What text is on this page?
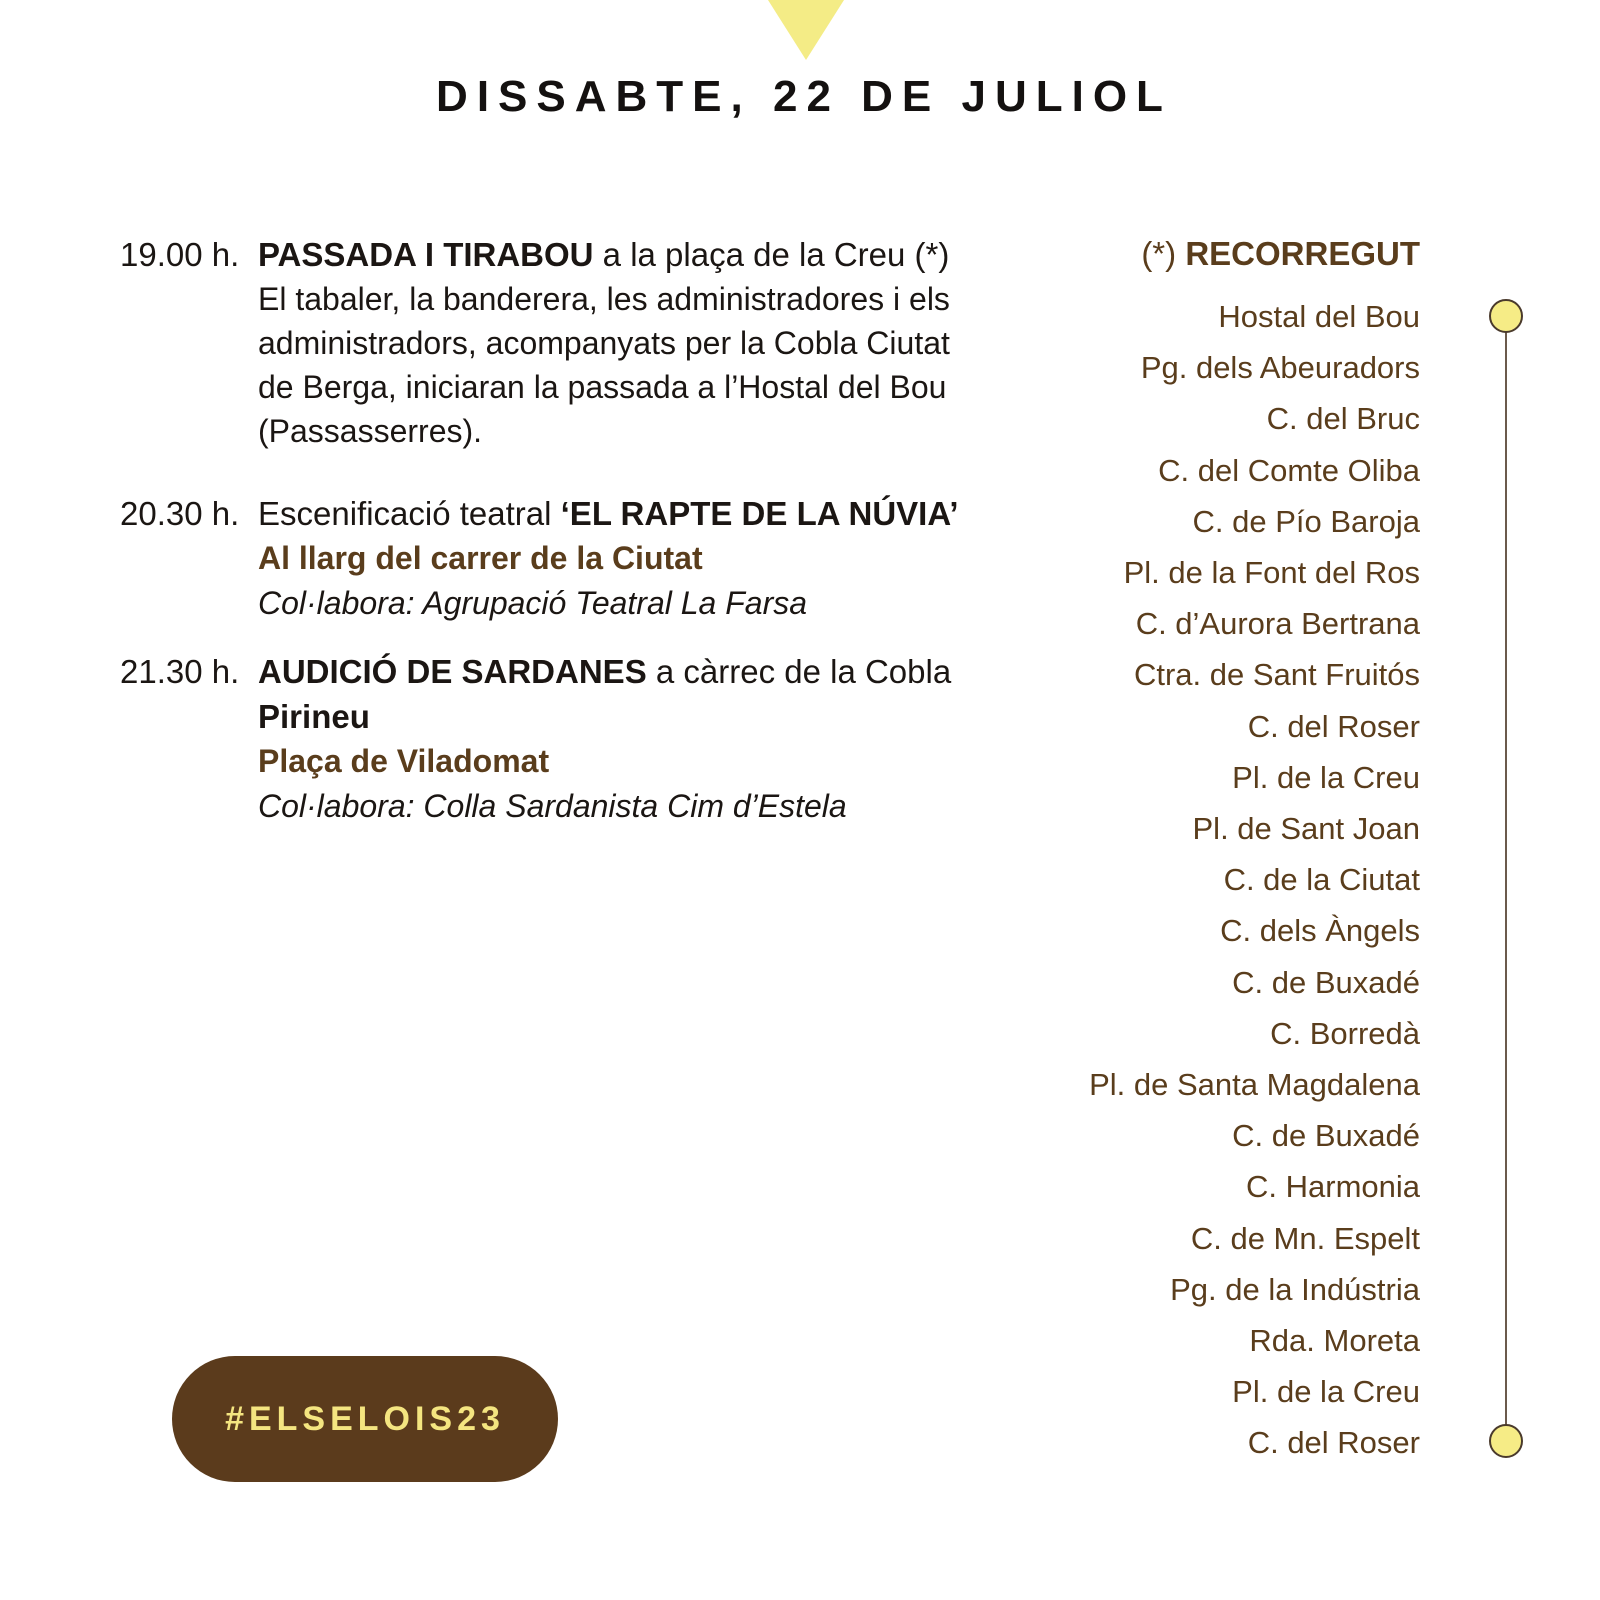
DISSABTE, 22 DE JULIOL
19.00 h. PASSADA I TIRABOU a la plaça de la Creu (*)
El tabaler, la banderera, les administradores i els
administradors, acompanyats per la Cobla Ciutat
de Berga, iniciaran la passada a l’Hostal del Bou
(Passasserres).
20.30 h. Escenificació teatral ‘EL RAPTE DE LA NÚVIA’
Al llarg del carrer de la Ciutat
Col·labora: Agrupació Teatral La Farsa
21.30 h. AUDICIÓ DE SARDANES a càrrec de la Cobla
Pirineu
Plaça de Viladomat
Col·labora: Colla Sardanista Cim d’Estela
(*) RECORREGUT
Hostal del Bou
Pg. dels Abeuradors
C. del Bruc
C. del Comte Oliba
C. de Pío Baroja
Pl. de la Font del Ros
C. d’Aurora Bertrana
Ctra. de Sant Fruitós
C. del Roser
Pl. de la Creu
Pl. de Sant Joan
C. de la Ciutat
C. dels Àngels
C. de Buxadé
C. Borredà
Pl. de Santa Magdalena
C. de Buxadé
C. Harmonia
C. de Mn. Espelt
Pg. de la Indústria
Rda. Moreta
Pl. de la Creu
C. del Roser
#ELSELOIS23
